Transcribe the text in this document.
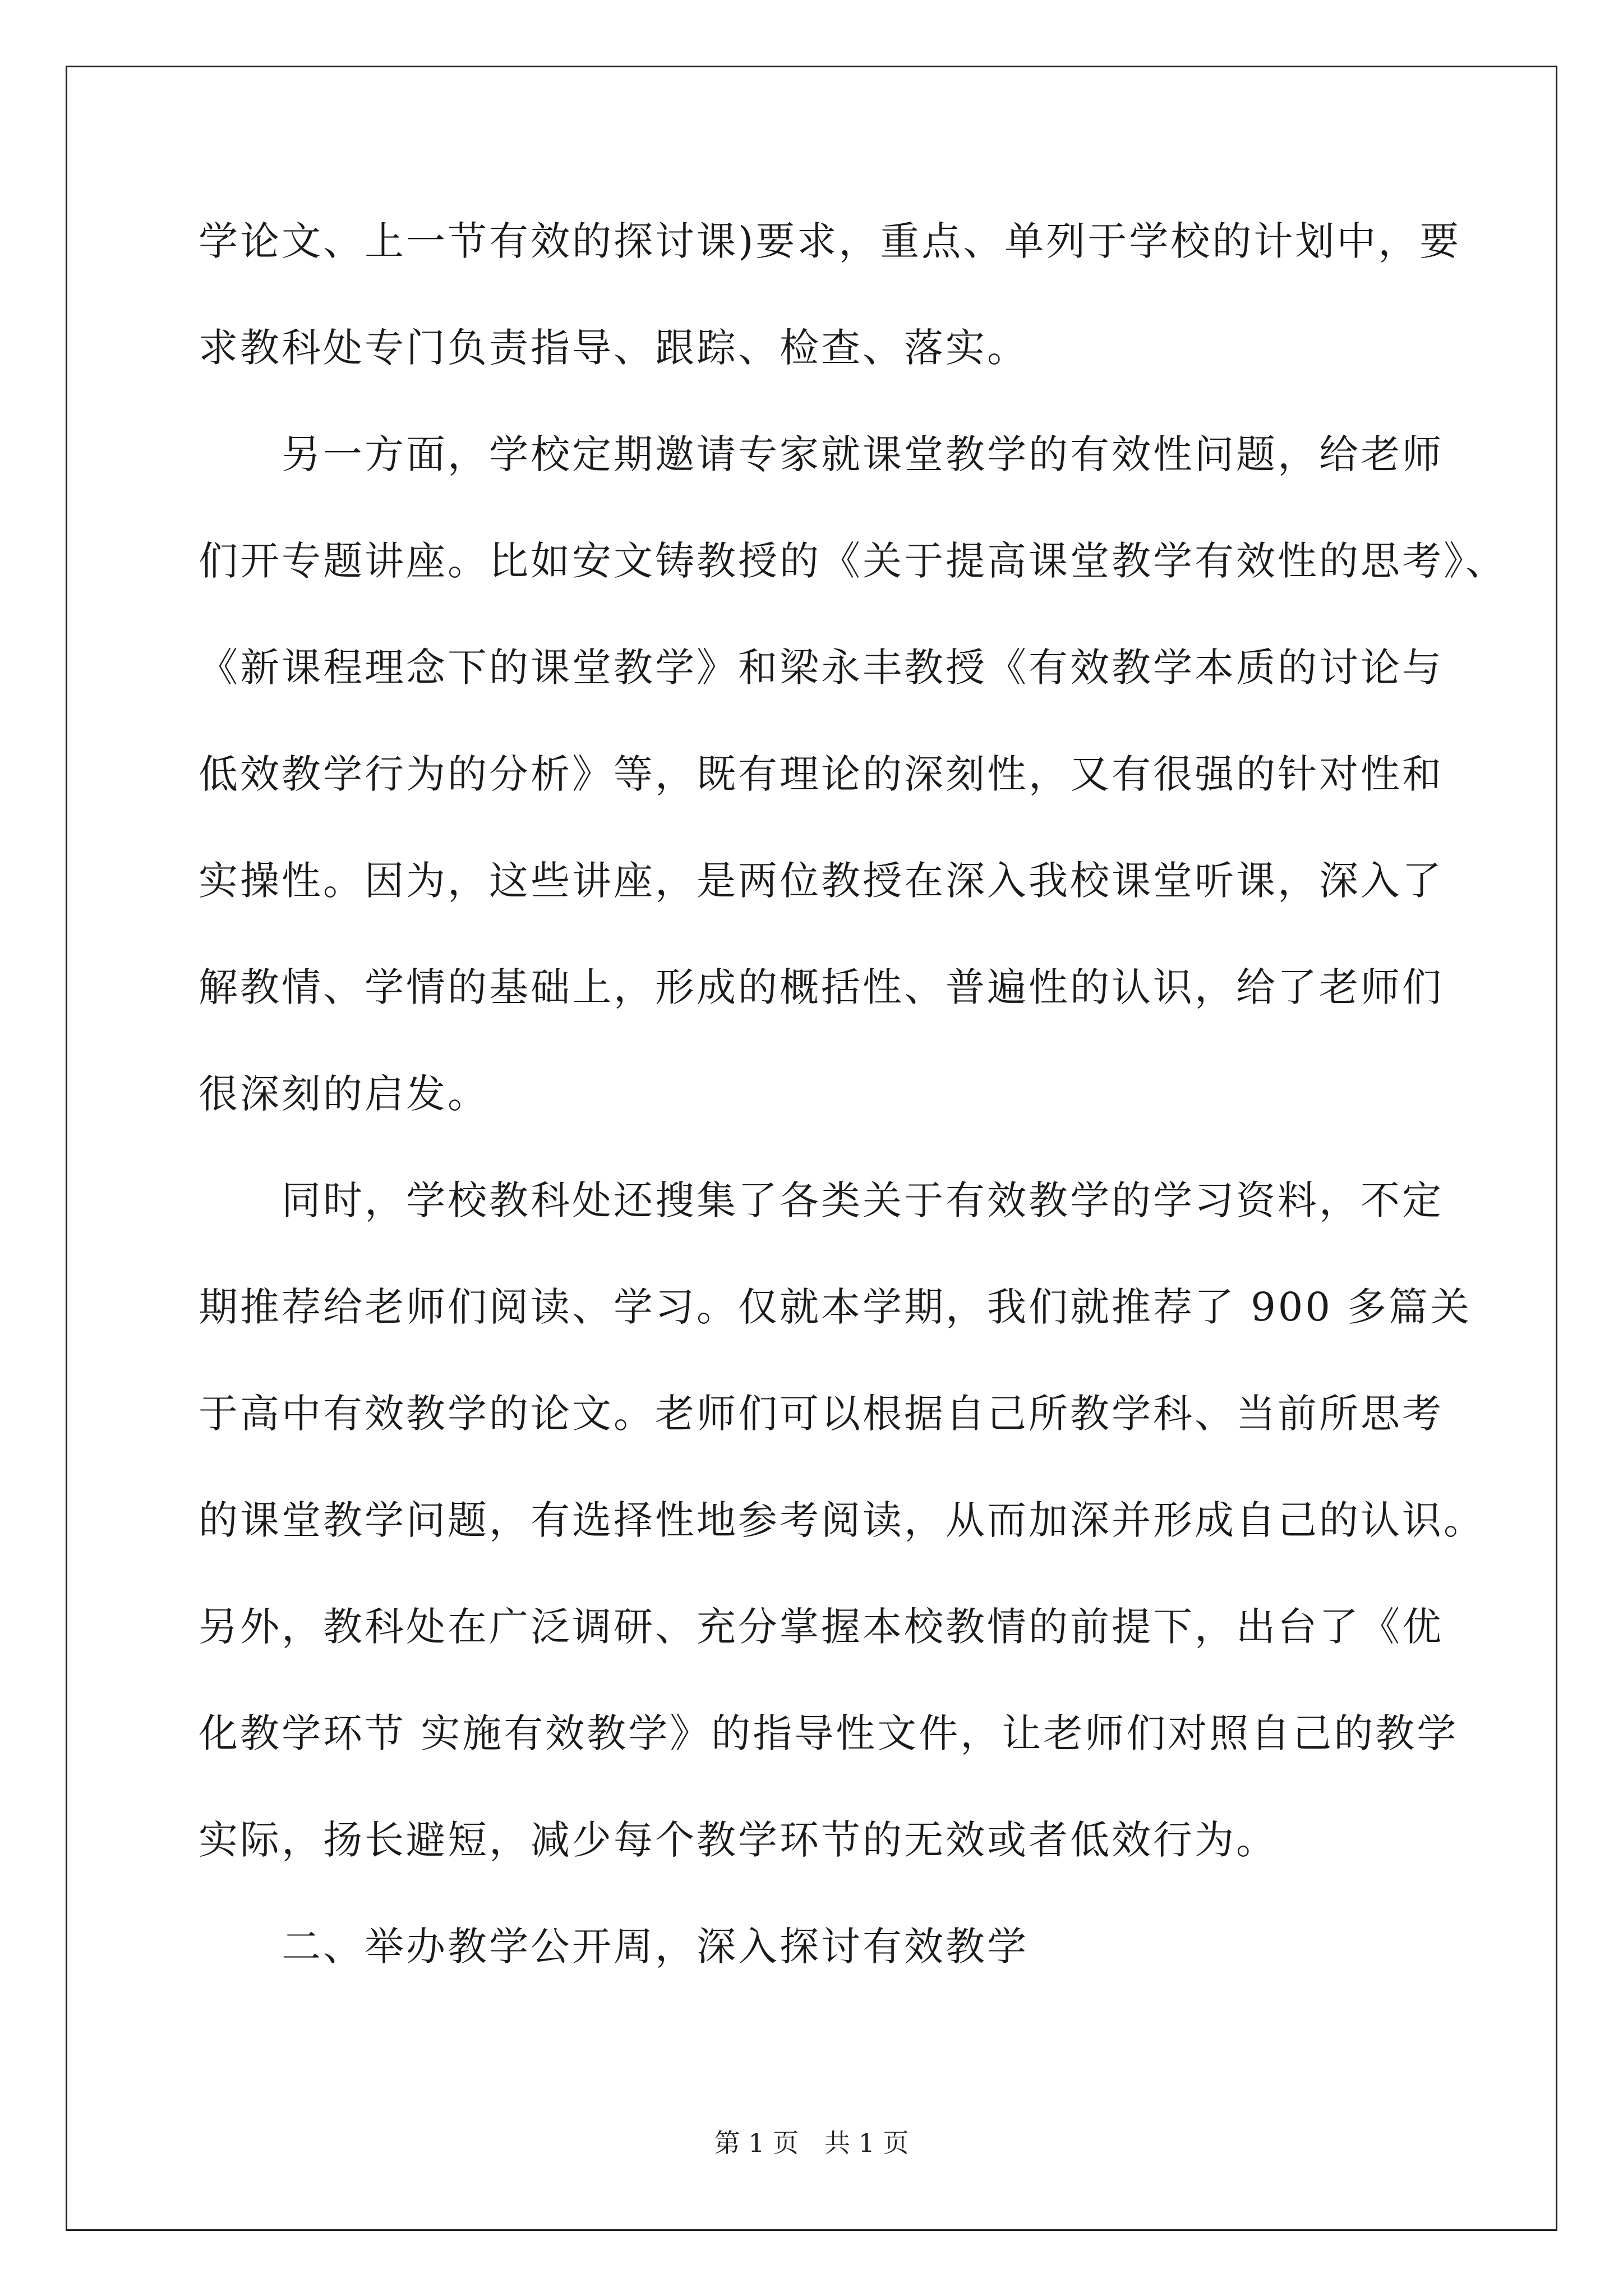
学论文、上一节有效的探讨课)要求，重点、单列于学校的计划中，要
求教科处专门负责指导、跟踪、检查、落实。
　　另一方面，学校定期邀请专家就课堂教学的有效性问题，给老师
们开专题讲座。比如安文铸教授的《关于提高课堂教学有效性的思考》、
《新课程理念下的课堂教学》和梁永丰教授《有效教学本质的讨论与
低效教学行为的分析》等，既有理论的深刻性，又有很强的针对性和
实操性。因为，这些讲座，是两位教授在深入我校课堂听课，深入了
解教情、学情的基础上，形成的概括性、普遍性的认识，给了老师们
很深刻的启发。
　　同时，学校教科处还搜集了各类关于有效教学的学习资料，不定
期推荐给老师们阅读、学习。仅就本学期，我们就推荐了 900 多篇关
于高中有效教学的论文。老师们可以根据自己所教学科、当前所思考
的课堂教学问题，有选择性地参考阅读，从而加深并形成自己的认识。
另外，教科处在广泛调研、充分掌握本校教情的前提下，出台了《优
化教学环节 实施有效教学》的指导性文件，让老师们对照自己的教学
实际，扬长避短，减少每个教学环节的无效或者低效行为。
　　二、举办教学公开周，深入探讨有效教学
第 1 页　共 1 页
